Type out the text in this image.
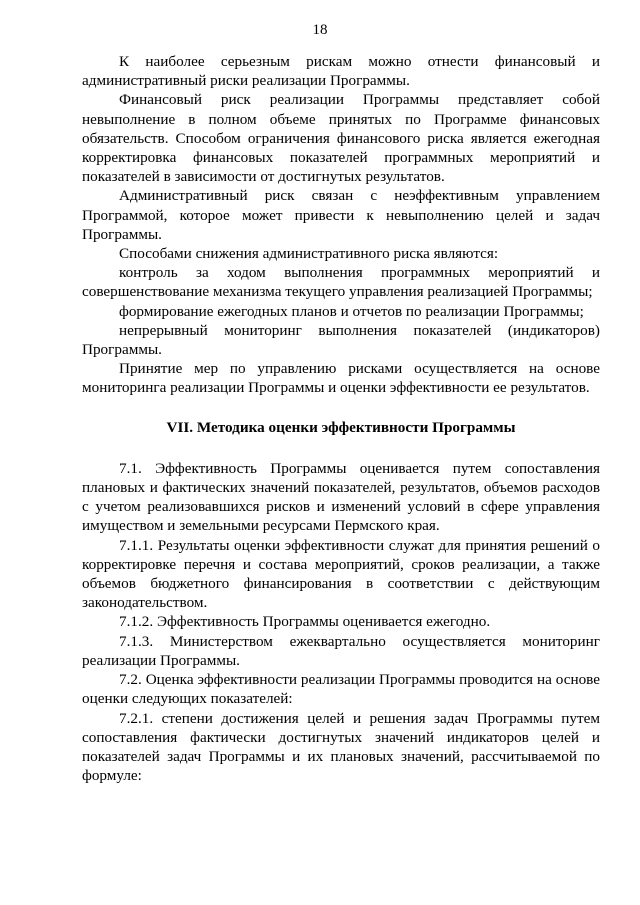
18

К наиболее серьезным рискам можно отнести финансовый и административный риски реализации Программы.

Финансовый риск реализации Программы представляет собой невыполнение в полном объеме принятых по Программе финансовых обязательств. Способом ограничения финансового риска является ежегодная корректировка финансовых показателей программных мероприятий и показателей в зависимости от достигнутых результатов.

Административный риск связан с неэффективным управлением Программой, которое может привести к невыполнению целей и задач Программы.

Способами снижения административного риска являются:

контроль за ходом выполнения программных мероприятий и совершенствование механизма текущего управления реализацией Программы;

формирование ежегодных планов и отчетов по реализации Программы;

непрерывный мониторинг выполнения показателей (индикаторов) Программы.

Принятие мер по управлению рисками осуществляется на основе мониторинга реализации Программы и оценки эффективности ее результатов.

VII. Методика оценки эффективности Программы

7.1. Эффективность Программы оценивается путем сопоставления плановых и фактических значений показателей, результатов, объемов расходов с учетом реализовавшихся рисков и изменений условий в сфере управления имуществом и земельными ресурсами Пермского края.

7.1.1. Результаты оценки эффективности служат для принятия решений о корректировке перечня и состава мероприятий, сроков реализации, а также объемов бюджетного финансирования в соответствии с действующим законодательством.

7.1.2. Эффективность Программы оценивается ежегодно.

7.1.3. Министерством ежеквартально осуществляется мониторинг реализации Программы.

7.2. Оценка эффективности реализации Программы проводится на основе оценки следующих показателей:

7.2.1. степени достижения целей и решения задач Программы путем сопоставления фактически достигнутых значений индикаторов целей и показателей задач Программы и их плановых значений, рассчитываемой по формуле:
